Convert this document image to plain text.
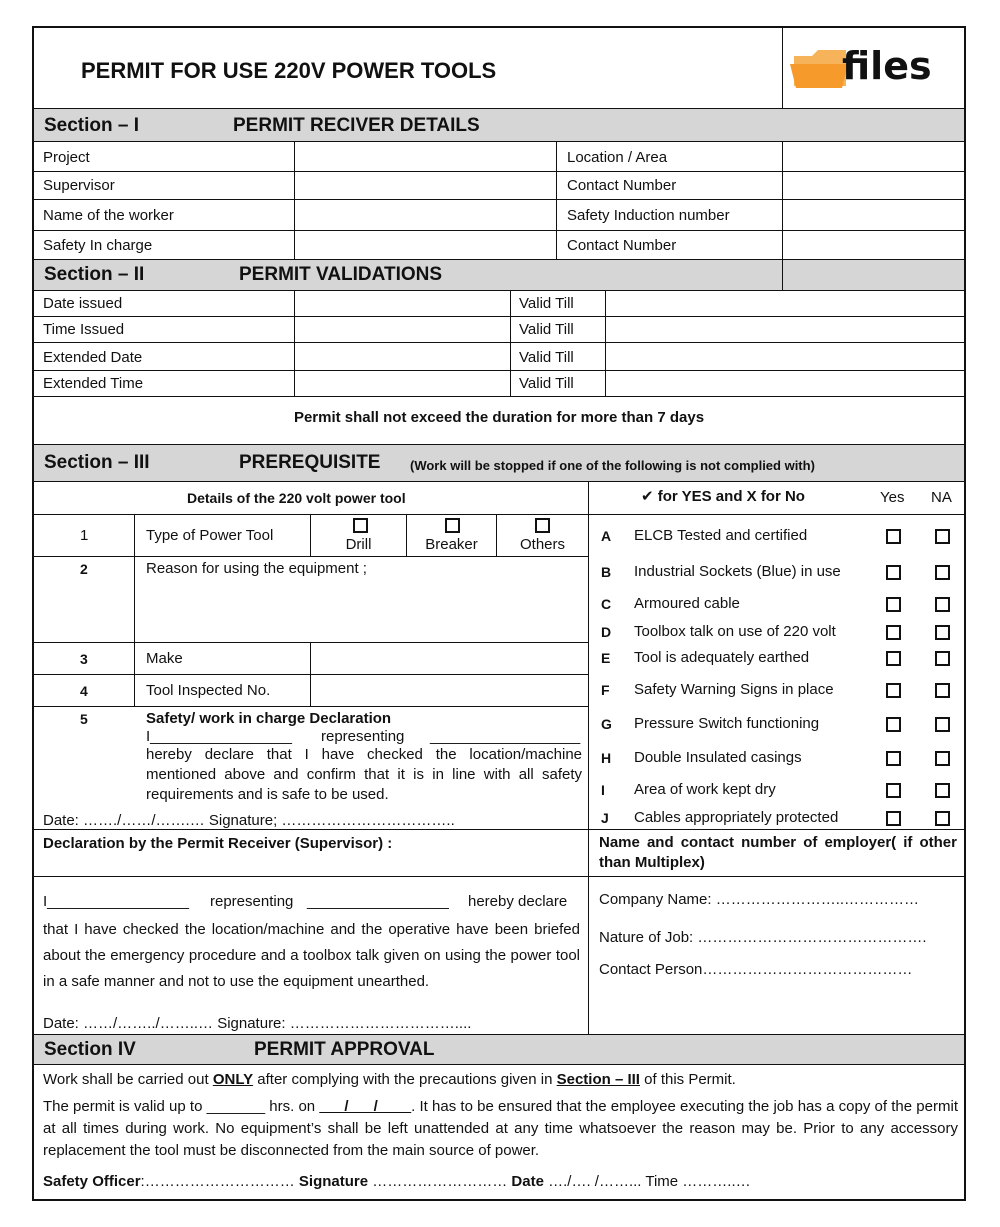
PERMIT FOR USE 220V POWER TOOLS	files
Section – I	PERMIT RECIVER DETAILS
Project	Location / Area
Supervisor	Contact Number
Name of the worker	Safety Induction number
Safety In charge	Contact Number
Section – II	PERMIT VALIDATIONS
Date issued	Valid Till
Time Issued	Valid Till
Extended Date	Valid Till
Extended Time	Valid Till
Permit shall not exceed the duration for more than 7 days
Section – III	PREREQUISITE (Work will be stopped if one of the following is not complied with)
Details of the 220 volt power tool	✔ for YES and X for No	Yes NA
1	Type of Power Tool
Drill	Breaker	Others
2	Reason for using the equipment ;
3	Make
4	Tool Inspected No.
5	Safety/ work in charge Declaration
I_________________ representing __________________
hereby declare that I have checked the location/machine mentioned above and confirm that it is in line with all safety requirements and is safe to be used.
Date: ……./……/…….… Signature; ……………………………..
A ELCB Tested and certified
B Industrial Sockets (Blue) in use
C Armoured cable
D Toolbox talk on use of 220 volt
E Tool is adequately earthed
F Safety Warning Signs in place
G Pressure Switch functioning
H Double Insulated casings
I Area of work kept dry
J Cables appropriately protected
Declaration by the Permit Receiver (Supervisor) :	Name and contact number of employer( if other than Multiplex)
I_________________ representing _________________ hereby declare
that I have checked the location/machine and the operative have been briefed about the emergency procedure and a toolbox talk given on using the power tool in a safe manner and not to use the equipment unearthed.
Date: ……/……../……..… Signature: ……………………………....
Company Name: ……………………..……………
Nature of Job: ……………………………………….
Contact Person……………………………………
Section IV	PERMIT APPROVAL
Work shall be carried out ONLY after complying with the precautions given in Section – III of this Permit.
The permit is valid up to _______ hrs. on ___/___/____. It has to be ensured that the employee executing the job has a copy of the permit at all times during work. No equipment’s shall be left unattended at any time whatsoever the reason may be. Prior to any accessory replacement the tool must be disconnected from the main source of power.
Safety Officer:………………………… Signature ……………………… Date …./…. /……... Time ………..…
